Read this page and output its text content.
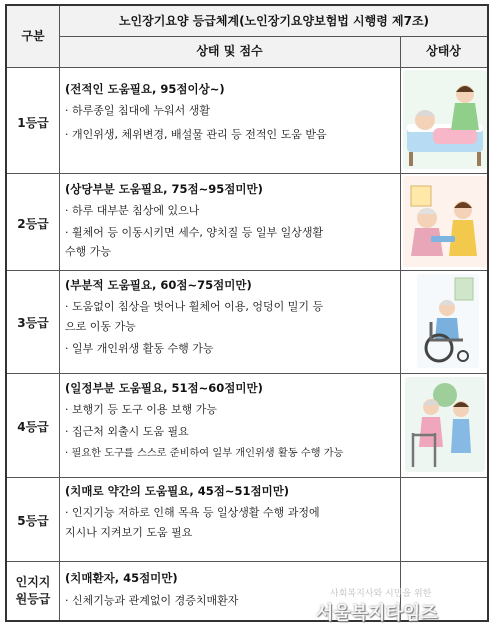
구분
노인장기요양 등급체계(노인장기요양보험법 시행령 제7조)
상태 및 점수	상태상
1등급
(전적인 도움필요, 95점이상~)
· 하루종일 침대에 누워서 생활
· 개인위생, 체위변경, 배설물 관리 등 전적인 도움 받음
2등급
(상당부분 도움필요, 75점~95점미만)
· 하루 대부분 침상에 있으나
· 휠체어 등 이동시키면 세수, 양치질 등 일부 일상생활
수행 가능
3등급
(부분적 도움필요, 60점~75점미만)
· 도움없이 침상을 벗어나 휠체어 이용, 엉덩이 밀기 등
으로 이동 가능
· 일부 개인위생 활동 수행 가능
4등급
(일정부분 도움필요, 51점~60점미만)
· 보행기 등 도구 이용 보행 가능
· 집근처 외출시 도움 필요
· 필요한 도구를 스스로 준비하여 일부 개인위생 활동 수행 가능
5등급
(치매로 약간의 도움필요, 45점~51점미만)
· 인지기능 저하로 인해 목욕 등 일상생활 수행 과정에
지시나 지켜보기 도움 필요
인지지
원등급
(치매환자, 45점미만)
· 신체기능과 관계없이 경증치매환자	사회복지사와 시민을 위한
서울복지타임즈
